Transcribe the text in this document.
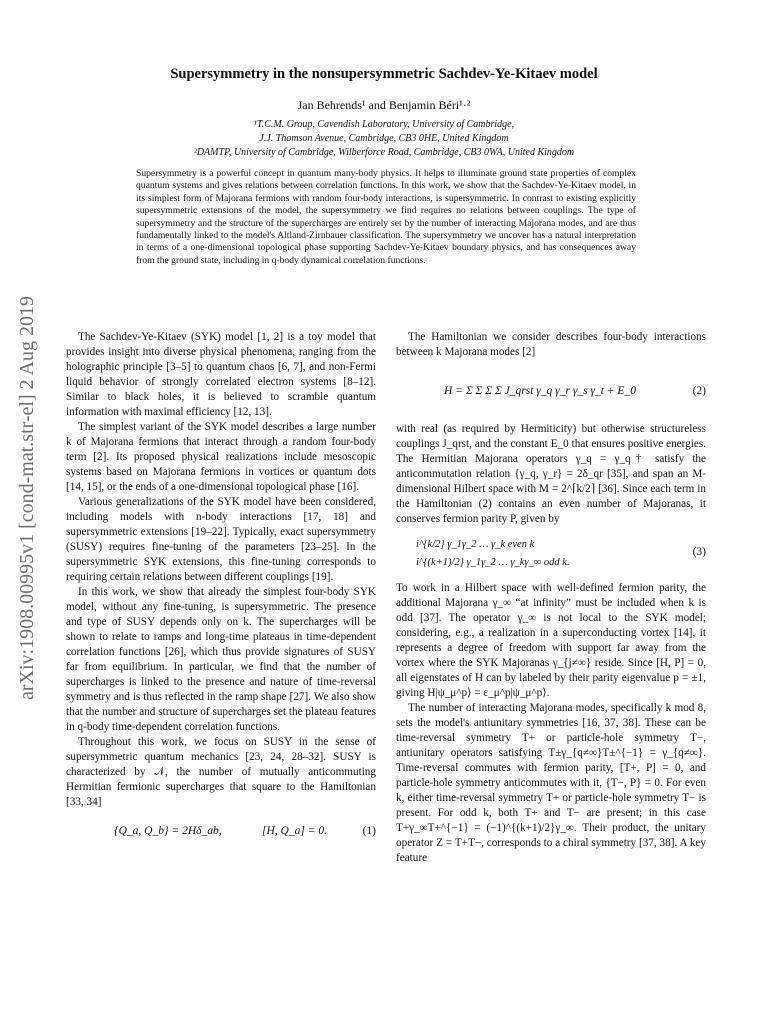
arXiv:1908.00995v1 [cond-mat.str-el] 2 Aug 2019
Supersymmetry in the nonsupersymmetric Sachdev-Ye-Kitaev model
Jan Behrends¹ and Benjamin Béri¹·²
¹T.C.M. Group, Cavendish Laboratory, University of Cambridge,
J.J. Thomson Avenue, Cambridge, CB3 0HE, United Kingdom
²DAMTP, University of Cambridge, Wilberforce Road, Cambridge, CB3 0WA, United Kingdom
Supersymmetry is a powerful concept in quantum many-body physics. It helps to illuminate ground state properties of complex quantum systems and gives relations between correlation functions. In this work, we show that the Sachdev-Ye-Kitaev model, in its simplest form of Majorana fermions with random four-body interactions, is supersymmetric. In contrast to existing explicitly supersymmetric extensions of the model, the supersymmetry we find requires no relations between couplings. The type of supersymmetry and the structure of the supercharges are entirely set by the number of interacting Majorana modes, and are thus fundamentally linked to the model's Altland-Zirnbauer classification. The supersymmetry we uncover has a natural interpretation in terms of a one-dimensional topological phase supporting Sachdev-Ye-Kitaev boundary physics, and has consequences away from the ground state, including in q-body dynamical correlation functions.

The Sachdev-Ye-Kitaev (SYK) model [1, 2] is a toy model that provides insight into diverse physical phenomena, ranging from the holographic principle [3–5] to quantum chaos [6, 7], and non-Fermi liquid behavior of strongly correlated electron systems [8–12]. Similar to black holes, it is believed to scramble quantum information with maximal efficiency [12, 13].

The simplest variant of the SYK model describes a large number k of Majorana fermions that interact through a random four-body term [2]. Its proposed physical realizations include mesoscopic systems based on Majorana fermions in vortices or quantum dots [14, 15], or the ends of a one-dimensional topological phase [16].

Various generalizations of the SYK model have been considered, including models with n-body interactions [17, 18] and supersymmetric extensions [19–22]. Typically, exact supersymmetry (SUSY) requires fine-tuning of the parameters [23–25]. In the supersymmetric SYK extensions, this fine-tuning corresponds to requiring certain relations between different couplings [19].

In this work, we show that already the simplest four-body SYK model, without any fine-tuning, is supersymmetric. The presence and type of SUSY depends only on k. The supercharges will be shown to relate to ramps and long-time plateaus in time-dependent correlation functions [26], which thus provide signatures of SUSY far from equilibrium. In particular, we find that the number of supercharges is linked to the presence and nature of time-reversal symmetry and is thus reflected in the ramp shape [27]. We also show that the number and structure of supercharges set the plateau features in q-body time-dependent correlation functions.

Throughout this work, we focus on SUSY in the sense of supersymmetric quantum mechanics [23, 24, 28–32]. SUSY is characterized by 𝒩, the number of mutually anticommuting Hermitian fermionic supercharges that square to the Hamiltonian [33, 34]

{Q_a, Q_b} = 2Hδ_ab,	[H, Q_a] = 0.	(1)

The Hamiltonian we consider describes four-body interactions between k Majorana modes [2]

H = Σ Σ Σ Σ J_qrst γ_q γ_r γ_s γ_t + E_0	(2)

with real (as required by Hermiticity) but otherwise structureless couplings J_qrst, and the constant E_0 that ensures positive energies. The Hermitian Majorana operators γ_q = γ_q† satisfy the anticommutation relation {γ_q, γ_r} = 2δ_qr [35], and span an M-dimensional Hilbert space with M = 2^⌈k/2⌉ [36]. Since each term in the Hamiltonian (2) contains an even number of Majoranas, it conserves fermion parity P, given by

i^{k/2} γ_1γ_2 … γ_k even k
i^{(k+1)/2} γ_1γ_2 … γ_kγ_∞ odd k.
(3)

To work in a Hilbert space with well-defined fermion parity, the additional Majorana γ_∞ “at infinity” must be included when k is odd [37]. The operator γ_∞ is not local to the SYK model; considering, e.g., a realization in a superconducting vortex [14], it represents a degree of freedom with support far away from the vortex where the SYK Majoranas γ_{j≠∞} reside. Since [H, P] = 0, all eigenstates of H can by labeled by their parity eigenvalue p = ±1, giving H|ψ_μ^p⟩ = ε_μ^p|ψ_μ^p⟩.

The number of interacting Majorana modes, specifically k mod 8, sets the model's antiunitary symmetries [16, 37, 38]. These can be time-reversal symmetry T+ or particle-hole symmetry T−, antiunitary operators satisfying T±γ_{q≠∞}T±^{−1} = γ_{q≠∞}. Time-reversal commutes with fermion parity, [T+, P] = 0, and particle-hole symmetry anticommutes with it, {T−, P} = 0. For even k, either time-reversal symmetry T+ or particle-hole symmetry T− is present. For odd k, both T+ and T− are present; in this case T+γ_∞T+^{−1} = (−1)^{(k+1)/2}γ_∞. Their product, the unitary operator Z = T+T−, corresponds to a chiral symmetry [37, 38]. A key feature
